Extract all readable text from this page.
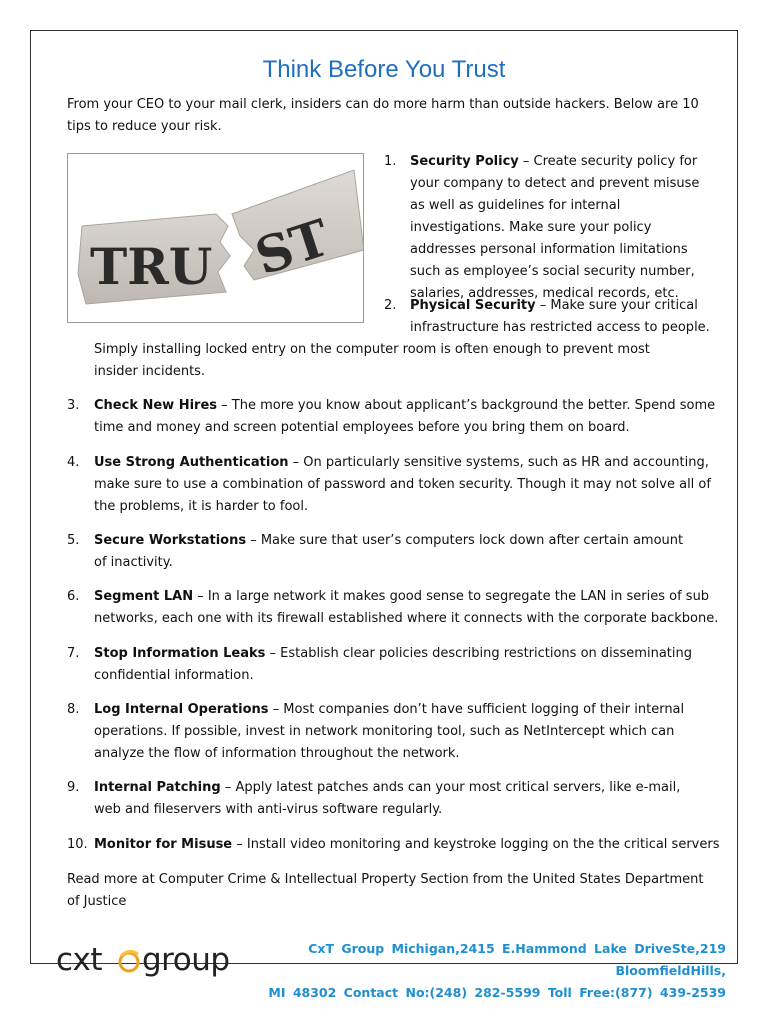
Think Before You Trust
From your CEO to your mail clerk, insiders can do more harm than outside hackers. Below are 10 tips to reduce your risk.
TRU ST
1.	Security Policy – Create security policy for your company to detect and prevent misuse as well as guidelines for internal investigations. Make sure your policy addresses personal information limitations such as employee’s social security number, salaries, addresses, medical records, etc.
2.	Physical Security – Make sure your critical infrastructure has restricted access to people.
Simply installing locked entry on the computer room is often enough to prevent most insider incidents.
3.	Check New Hires – The more you know about applicant’s background the better. Spend some time and money and screen potential employees before you bring them on board.
4.	Use Strong Authentication – On particularly sensitive systems, such as HR and accounting, make sure to use a combination of password and token security. Though it may not solve all of the problems, it is harder to fool.
5.	Secure Workstations – Make sure that user’s computers lock down after certain amount of inactivity.
6.	Segment LAN – In a large network it makes good sense to segregate the LAN in series of sub networks, each one with its firewall established where it connects with the corporate backbone.
7.	Stop Information Leaks – Establish clear policies describing restrictions on disseminating confidential information.
8.	Log Internal Operations – Most companies don’t have sufficient logging of their internal operations. If possible, invest in network monitoring tool, such as NetIntercept which can analyze the flow of information throughout the network.
9.	Internal Patching – Apply latest patches ands can your most critical servers, like e-mail, web and fileservers with anti-virus software regularly.
10. Monitor for Misuse – Install video monitoring and keystroke logging on the the critical servers
Read more at Computer Crime & Intellectual Property Section from the United States Department of Justice
cxt group	CxT Group Michigan,2415 E.Hammond Lake DriveSte,219 BloomfieldHills,
MI 48302 Contact No:(248) 282-5599 Toll Free:(877) 439-2539
